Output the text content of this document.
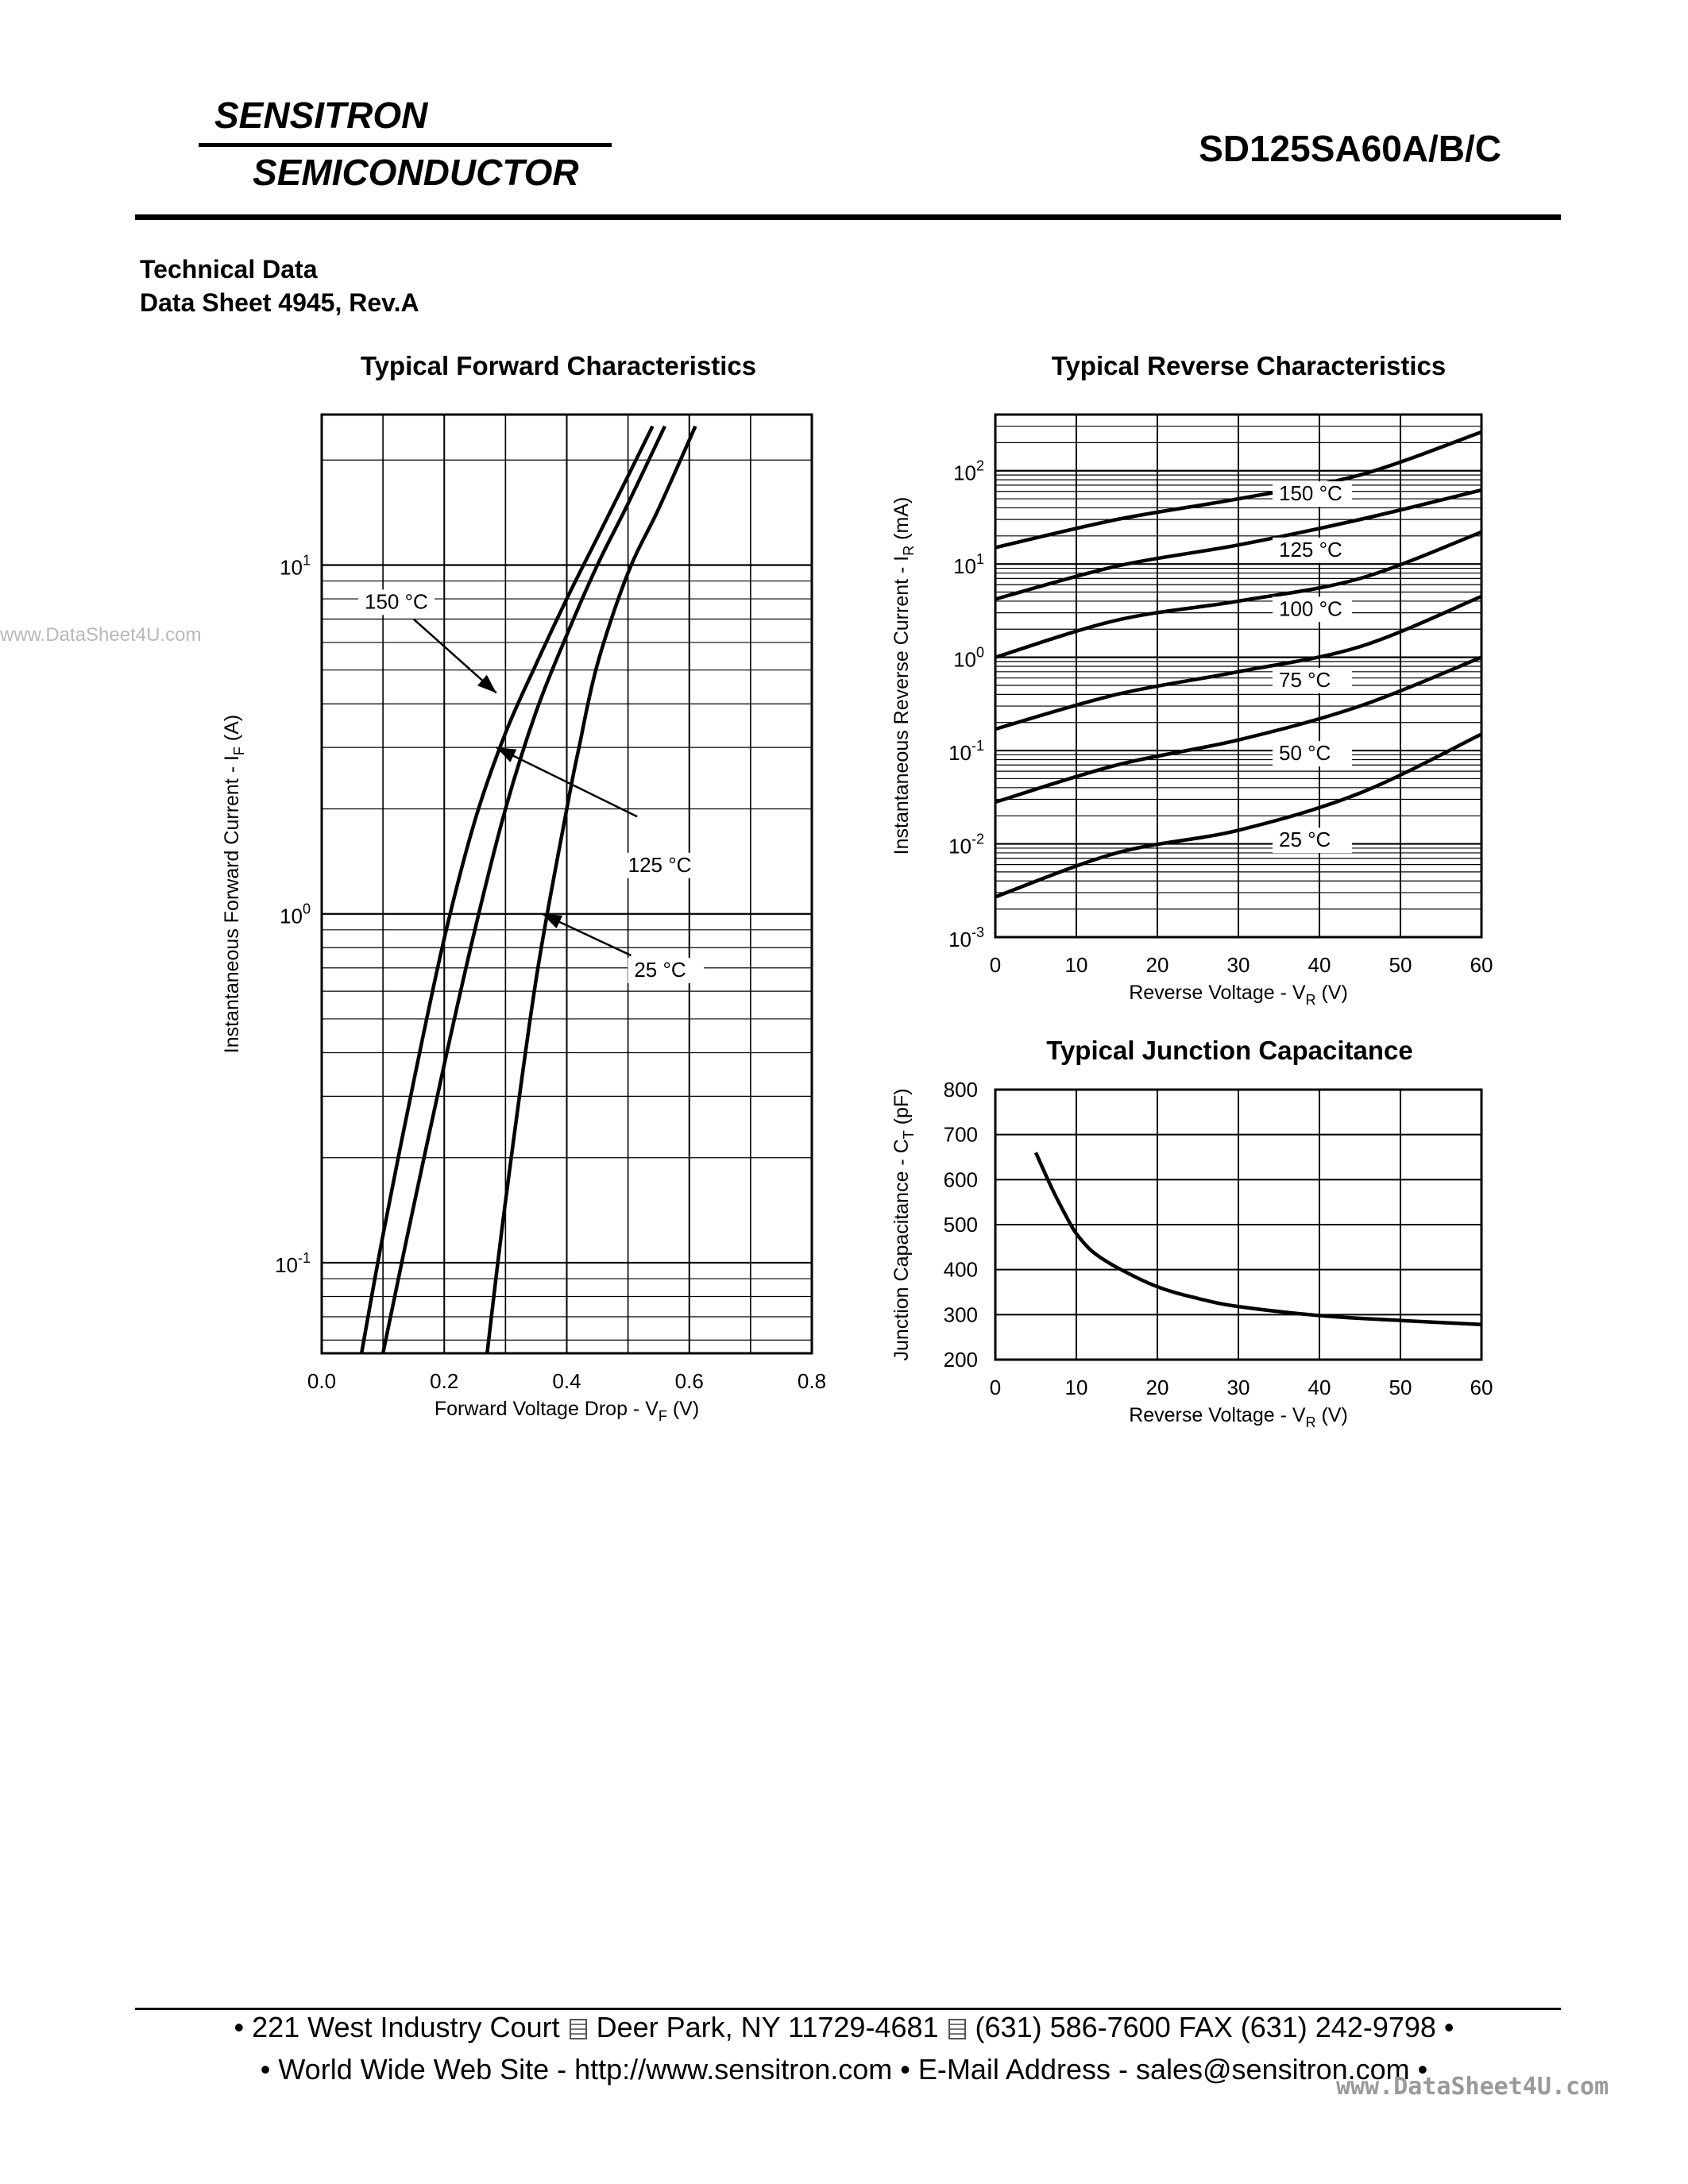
SENSITRON
SEMICONDUCTOR
SD125SA60A/B/C
Technical Data
Data Sheet 4945, Rev.A
www.DataSheet4U.com
Typical Forward Characteristics
0.0	0.2	0.4	0.6	0.8
$10^1$
$10^0$
$10^{-1}$
Forward Voltage Drop - $V_F$ (V)
Instantaneous Forward Current - $I_F$ (A)
150 °C
125 °C
25 °C
Typical Reverse Characteristics
0	10	20	30	40	50	60
$10^2$
$10^1$
$10^0$
$10^{-1}$
$10^{-2}$
$10^{-3}$
Reverse Voltage - $V_R$ (V)
Instantaneous Reverse Current - $I_R$ (mA)
150 °C
125 °C
100 °C
75 °C
50 °C
25 °C
Typical Junction Capacitance
0	10	20	30	40	50	60
200
300
400
500
600
700
800
Reverse Voltage - $V_R$ (V)
Junction Capacitance - $C_T$ (pF)
• 221 West Industry Court Deer Park, NY 11729-4681 (631) 586-7600 FAX (631) 242-9798 •
• World Wide Web Site - http://www.sensitron.com • E-Mail Address - sales@sensitron.com •
www.DataSheet4U.com
